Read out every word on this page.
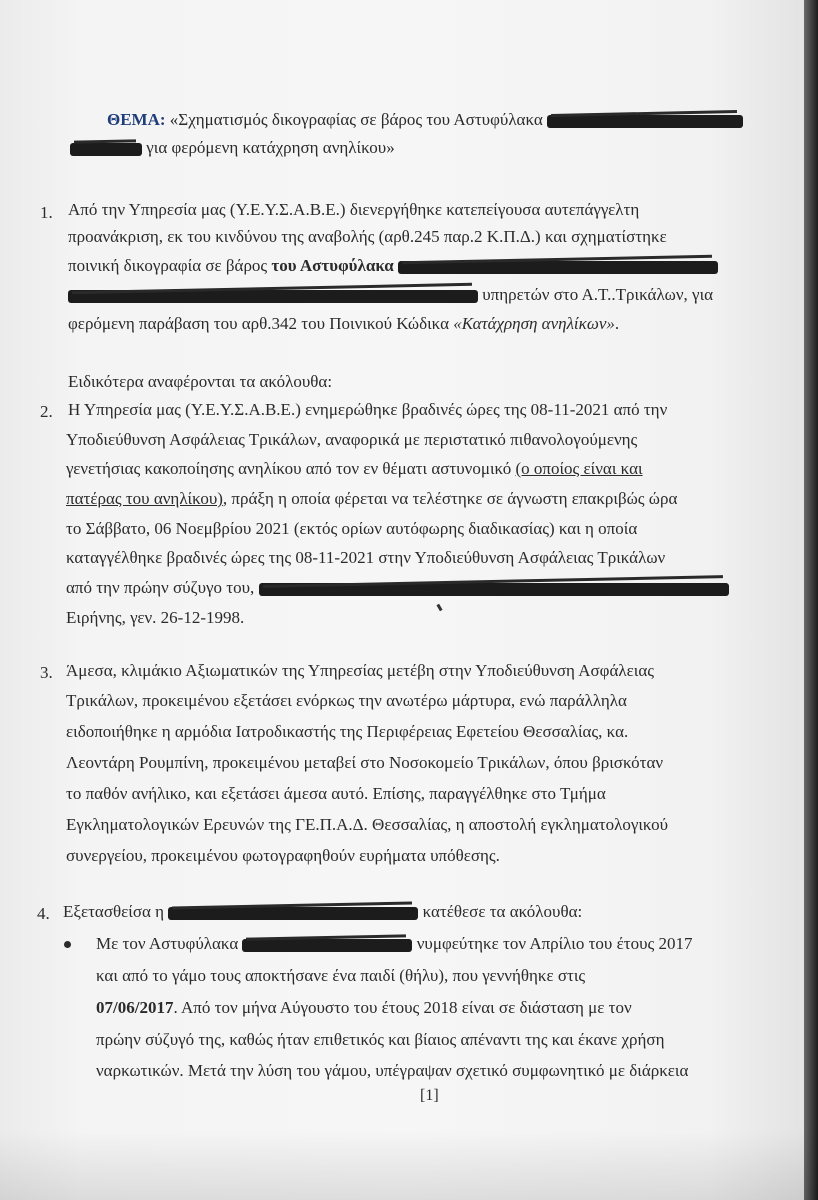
ΘΕΜΑ: «Σχηματισμός δικογραφίας σε βάρος του Αστυφύλακα
για φερόμενη κατάχρηση ανηλίκου»
1. Από την Υπηρεσία μας (Υ.Ε.Υ.Σ.Α.Β.Ε.) διενεργήθηκε κατεπείγουσα αυτεπάγγελτη
προανάκριση, εκ του κινδύνου της αναβολής (αρθ.245 παρ.2 Κ.Π.Δ.) και σχηματίστηκε
ποινική δικογραφία σε βάρος του Αστυφύλακα
υπηρετών στο Α.Τ..Τρικάλων, για
φερόμενη παράβαση του αρθ.342 του Ποινικού Κώδικα «Κατάχρηση ανηλίκων».
Ειδικότερα αναφέρονται τα ακόλουθα:
2. Η Υπηρεσία μας (Υ.Ε.Υ.Σ.Α.Β.Ε.) ενημερώθηκε βραδινές ώρες της 08-11-2021 από την
Υποδιεύθυνση Ασφάλειας Τρικάλων, αναφορικά με περιστατικό πιθανολογούμενης
γενετήσιας κακοποίησης ανηλίκου από τον εν θέματι αστυνομικό (ο οποίος είναι και
πατέρας του ανηλίκου), πράξη η οποία φέρεται να τελέστηκε σε άγνωστη επακριβώς ώρα
το Σάββατο, 06 Νοεμβρίου 2021 (εκτός ορίων αυτόφωρης διαδικασίας) και η οποία
καταγγέλθηκε βραδινές ώρες της 08-11-2021 στην Υποδιεύθυνση Ασφάλειας Τρικάλων
από την πρώην σύζυγο του,
Ειρήνης, γεν. 26-12-1998.
3. Άμεσα, κλιμάκιο Αξιωματικών της Υπηρεσίας μετέβη στην Υποδιεύθυνση Ασφάλειας
Τρικάλων, προκειμένου εξετάσει ενόρκως την ανωτέρω μάρτυρα, ενώ παράλληλα
ειδοποιήθηκε η αρμόδια Ιατροδικαστής της Περιφέρειας Εφετείου Θεσσαλίας, κα.
Λεοντάρη Ρουμπίνη, προκειμένου μεταβεί στο Νοσοκομείο Τρικάλων, όπου βρισκόταν
το παθόν ανήλικο, και εξετάσει άμεσα αυτό. Επίσης, παραγγέλθηκε στο Τμήμα
Εγκληματολογικών Ερευνών της ΓΕ.Π.Α.Δ. Θεσσαλίας, η αποστολή εγκληματολογικού
συνεργείου, προκειμένου φωτογραφηθούν ευρήματα υπόθεσης.
4. Εξετασθείσα η	κατέθεσε τα ακόλουθα:
Με τον Αστυφύλακα	νυμφεύτηκε τον Απρίλιο του έτους 2017
και από το γάμο τους αποκτήσανε ένα παιδί (θήλυ), που γεννήθηκε στις
07/06/2017. Από τον μήνα Αύγουστο του έτους 2018 είναι σε διάσταση με τον
πρώην σύζυγό της, καθώς ήταν επιθετικός και βίαιος απέναντι της και έκανε χρήση
ναρκωτικών. Μετά την λύση του γάμου, υπέγραψαν σχετικό συμφωνητικό με διάρκεια
[1]
